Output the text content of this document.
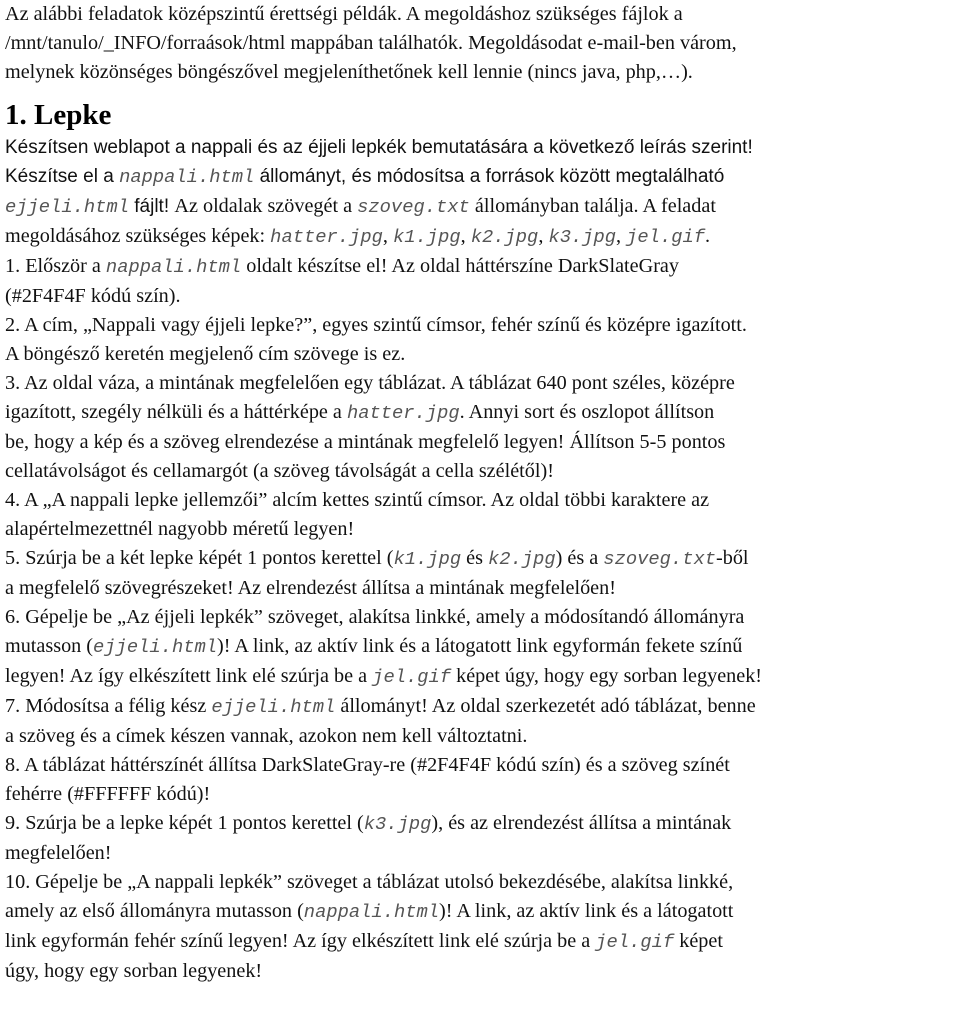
Az alábbi feladatok középszintű érettségi példák. A megoldáshoz szükséges fájlok a

/mnt/tanulo/_INFO/forraások/html mappában találhatók. Megoldásodat e-mail-ben várom,

melynek közönséges böngészővel megjeleníthetőnek kell lennie (nincs java, php,…).

1. Lepke

Készítsen weblapot a nappali és az éjjeli lepkék bemutatására a következő leírás szerint!

Készítse el a nappali.html állományt, és módosítsa a források között megtalálható

ejjeli.html fájlt! Az oldalak szövegét a szoveg.txt állományban találja. A feladat

megoldásához szükséges képek: hatter.jpg, k1.jpg, k2.jpg, k3.jpg, jel.gif.

1. Először a nappali.html oldalt készítse el! Az oldal háttérszíne DarkSlateGray

(#2F4F4F kódú szín).

2. A cím, „Nappali vagy éjjeli lepke?”, egyes szintű címsor, fehér színű és középre igazított.

A böngésző keretén megjelenő cím szövege is ez.

3. Az oldal váza, a mintának megfelelően egy táblázat. A táblázat 640 pont széles, középre

igazított, szegély nélküli és a háttérképe a hatter.jpg. Annyi sort és oszlopot állítson

be, hogy a kép és a szöveg elrendezése a mintának megfelelő legyen! Állítson 5-5 pontos

cellatávolságot és cellamargót (a szöveg távolságát a cella szélétől)!

4. A „A nappali lepke jellemzői” alcím kettes szintű címsor. Az oldal többi karaktere az

alapértelmezettnél nagyobb méretű legyen!

5. Szúrja be a két lepke képét 1 pontos kerettel (k1.jpg és k2.jpg) és a szoveg.txt-ből

a megfelelő szövegrészeket! Az elrendezést állítsa a mintának megfelelően!

6. Gépelje be „Az éjjeli lepkék” szöveget, alakítsa linkké, amely a módosítandó állományra

mutasson (ejjeli.html)! A link, az aktív link és a látogatott link egyformán fekete színű

legyen! Az így elkészített link elé szúrja be a jel.gif képet úgy, hogy egy sorban legyenek!

7. Módosítsa a félig kész ejjeli.html állományt! Az oldal szerkezetét adó táblázat, benne

a szöveg és a címek készen vannak, azokon nem kell változtatni.

8. A táblázat háttérszínét állítsa DarkSlateGray-re (#2F4F4F kódú szín) és a szöveg színét

fehérre (#FFFFFF kódú)!

9. Szúrja be a lepke képét 1 pontos kerettel (k3.jpg), és az elrendezést állítsa a mintának

megfelelően!

10. Gépelje be „A nappali lepkék” szöveget a táblázat utolsó bekezdésébe, alakítsa linkké,

amely az első állományra mutasson (nappali.html)! A link, az aktív link és a látogatott

link egyformán fehér színű legyen! Az így elkészített link elé szúrja be a jel.gif képet

úgy, hogy egy sorban legyenek!
